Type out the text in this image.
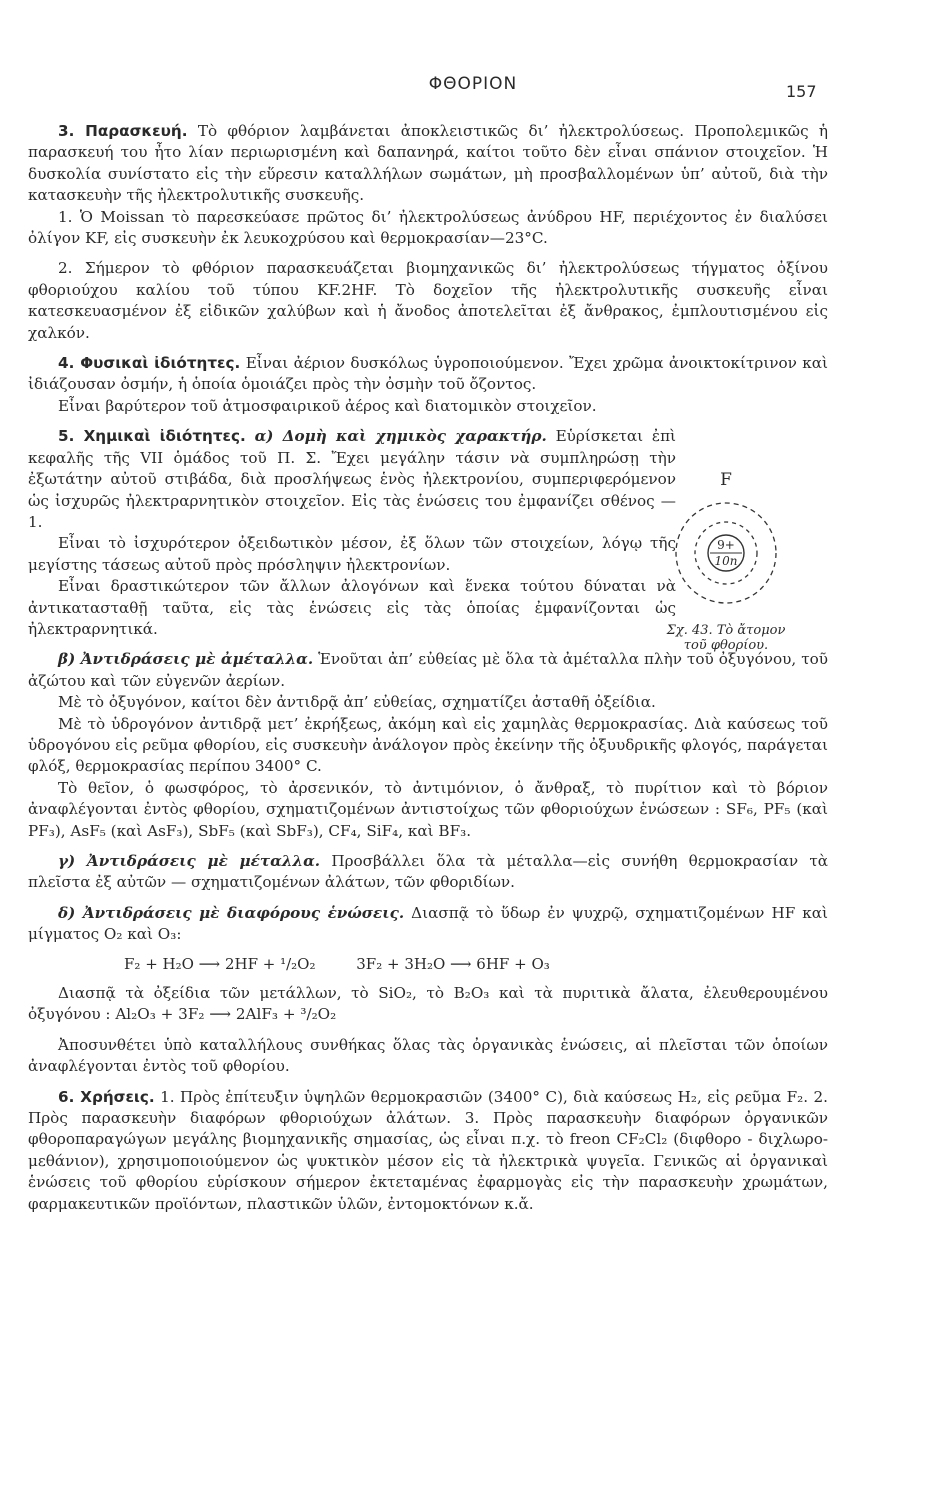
ΦΘΟΡΙΟΝ	157

3. Παρασκευή. Τὸ φθόριον λαμβάνεται ἀποκλειστικῶς δι’ ἠλεκτρολύσεως. Προπολεμικῶς ἡ παρασκευή του ἦτο λίαν περιωρισμένη καὶ δαπανηρά, καίτοι τοῦτο δὲν εἶναι σπάνιον στοιχεῖον. Ἡ δυσκολία συνίστατο εἰς τὴν εὕρεσιν καταλλήλων σωμάτων, μὴ προσβαλλομένων ὑπ’ αὐτοῦ, διὰ τὴν κατασκευὴν τῆς ἠλεκτρολυτικῆς συσκευῆς.

1. Ὁ Moissan τὸ παρεσκεύασε πρῶτος δι’ ἠλεκτρολύσεως ἀνύδρου HF, περιέχοντος ἐν διαλύσει ὀλίγον KF, εἰς συσκευὴν ἐκ λευκοχρύσου καὶ θερμοκρασίαν—23°C.

2. Σήμερον τὸ φθόριον παρασκευάζεται βιομηχανικῶς δι’ ἠλεκτρολύσεως τήγματος ὀξίνου φθοριούχου καλίου τοῦ τύπου KF.2HF. Τὸ δοχεῖον τῆς ἠλεκτρολυτικῆς συσκευῆς εἶναι κατεσκευασμένον ἐξ εἰδικῶν χαλύβων καὶ ἡ ἄνοδος ἀποτελεῖται ἐξ ἄνθρακος, ἐμπλουτισμένου εἰς χαλκόν.

4. Φυσικαὶ ἰδιότητες. Εἶναι ἀέριον δυσκόλως ὑγροποιούμενον. Ἔχει χρῶμα ἀνοικτοκίτρινον καὶ ἰδιάζουσαν ὀσμήν, ἡ ὁποία ὁμοιάζει πρὸς τὴν ὀσμὴν τοῦ ὄζοντος.

Εἶναι βαρύτερον τοῦ ἀτμοσφαιρικοῦ ἀέρος καὶ διατομικὸν στοιχεῖον.

5. Χημικαὶ ἰδιότητες. α) Δομὴ καὶ χημικὸς χαρακτήρ. Εὑρίσκεται ἐπὶ κεφαλῆς τῆς VII ὁμάδος τοῦ Π. Σ. Ἔχει μεγάλην τάσιν νὰ συμπληρώσῃ τὴν ἐξωτάτην αὐτοῦ στιβάδα, διὰ προσλήψεως ἑνὸς ἠλεκτρονίου, συμπεριφερόμενον ὡς ἰσχυρῶς ἠλεκτραρνητικὸν στοιχεῖον. Εἰς τὰς ἑνώσεις του ἐμφανίζει σθένος —1.

Εἶναι τὸ ἰσχυρότερον ὀξειδωτικὸν μέσον, ἐξ ὅλων τῶν στοιχείων, λόγῳ τῆς μεγίστης τάσεως αὐτοῦ πρὸς πρόσληψιν ἠλεκτρονίων.

Εἶναι δραστικώτερον τῶν ἄλλων ἀλογόνων καὶ ἕνεκα τούτου δύναται νὰ ἀντικατασταθῇ ταῦτα, εἰς τὰς ἑνώσεις εἰς τὰς ὁποίας ἐμφανίζονται ὡς ἠλεκτραρνητικά.

β) Ἀντιδράσεις μὲ ἀμέταλλα. Ἑνοῦται ἀπ’ εὐθείας μὲ ὅλα τὰ ἀμέταλλα πλὴν τοῦ ὀξυγόνου, τοῦ ἀζώτου καὶ τῶν εὐγενῶν ἀερίων.

Μὲ τὸ ὀξυγόνον, καίτοι δὲν ἀντιδρᾷ ἀπ’ εὐθείας, σχηματίζει ἀσταθῆ ὀξείδια.

Μὲ τὸ ὑδρογόνον ἀντιδρᾷ μετ’ ἐκρήξεως, ἀκόμη καὶ εἰς χαμηλὰς θερμοκρασίας. Διὰ καύσεως τοῦ ὑδρογόνου εἰς ρεῦμα φθορίου, εἰς συσκευὴν ἀνάλογον πρὸς ἐκείνην τῆς ὀξυυδρικῆς φλογός, παράγεται φλόξ, θερμοκρασίας περίπου 3400° C.

Τὸ θεῖον, ὁ φωσφόρος, τὸ ἀρσενικόν, τὸ ἀντιμόνιον, ὁ ἄνθραξ, τὸ πυρίτιον καὶ τὸ βόριον ἀναφλέγονται ἐντὸς φθορίου, σχηματιζομένων ἀντιστοίχως τῶν φθοριούχων ἑνώσεων : SF₆, PF₅ (καὶ PF₃), AsF₅ (καὶ AsF₃), SbF₅ (καὶ SbF₃), CF₄, SiF₄, καὶ BF₃.

γ) Ἀντιδράσεις μὲ μέταλλα. Προσβάλλει ὅλα τὰ μέταλλα—εἰς συνήθη θερμοκρασίαν τὰ πλεῖστα ἐξ αὐτῶν — σχηματιζομένων ἀλάτων, τῶν φθοριδίων.

δ) Ἀντιδράσεις μὲ διαφόρους ἑνώσεις. Διασπᾷ τὸ ὕδωρ ἐν ψυχρῷ, σχηματιζομένων HF καὶ μίγματος O₂ καὶ O₃:

F₂ + H₂O ⟶ 2HF + ¹/₂O₂	3F₂ + 3H₂O ⟶ 6HF + O₃

Διασπᾷ τὰ ὀξείδια τῶν μετάλλων, τὸ SiO₂, τὸ B₂O₃ καὶ τὰ πυριτικὰ ἄλατα, ἐλευθερουμένου ὀξυγόνου : Al₂O₃ + 3F₂ ⟶ 2AlF₃ + ³/₂O₂

Ἀποσυνθέτει ὑπὸ καταλλήλους συνθήκας ὅλας τὰς ὀργανικὰς ἑνώσεις, αἱ πλεῖσται τῶν ὁποίων ἀναφλέγονται ἐντὸς τοῦ φθορίου.

6. Χρήσεις. 1. Πρὸς ἐπίτευξιν ὑψηλῶν θερμοκρασιῶν (3400° C), διὰ καύσεως H₂, εἰς ρεῦμα F₂. 2. Πρὸς παρασκευὴν διαφόρων φθοριούχων ἀλάτων. 3. Πρὸς παρασκευὴν διαφόρων ὀργανικῶν φθοροπαραγώγων μεγάλης βιομηχανικῆς σημασίας, ὡς εἶναι π.χ. τὸ freon CF₂Cl₂ (διφθορο - διχλωρο-μεθάνιον), χρησιμοποιούμενον ὡς ψυκτικὸν μέσον εἰς τὰ ἠλεκτρικὰ ψυγεῖα. Γενικῶς αἱ ὀργανικαὶ ἑνώσεις τοῦ φθορίου εὑρίσκουν σήμερον ἐκτεταμένας ἐφαρμογὰς εἰς τὴν παρασκευὴν χρωμάτων, φαρμακευτικῶν προϊόντων, πλαστικῶν ὑλῶν, ἐντομοκτόνων κ.ἄ.

F
9+
10n
Σχ. 43. Τὸ ἄτομον
τοῦ φθορίου.
